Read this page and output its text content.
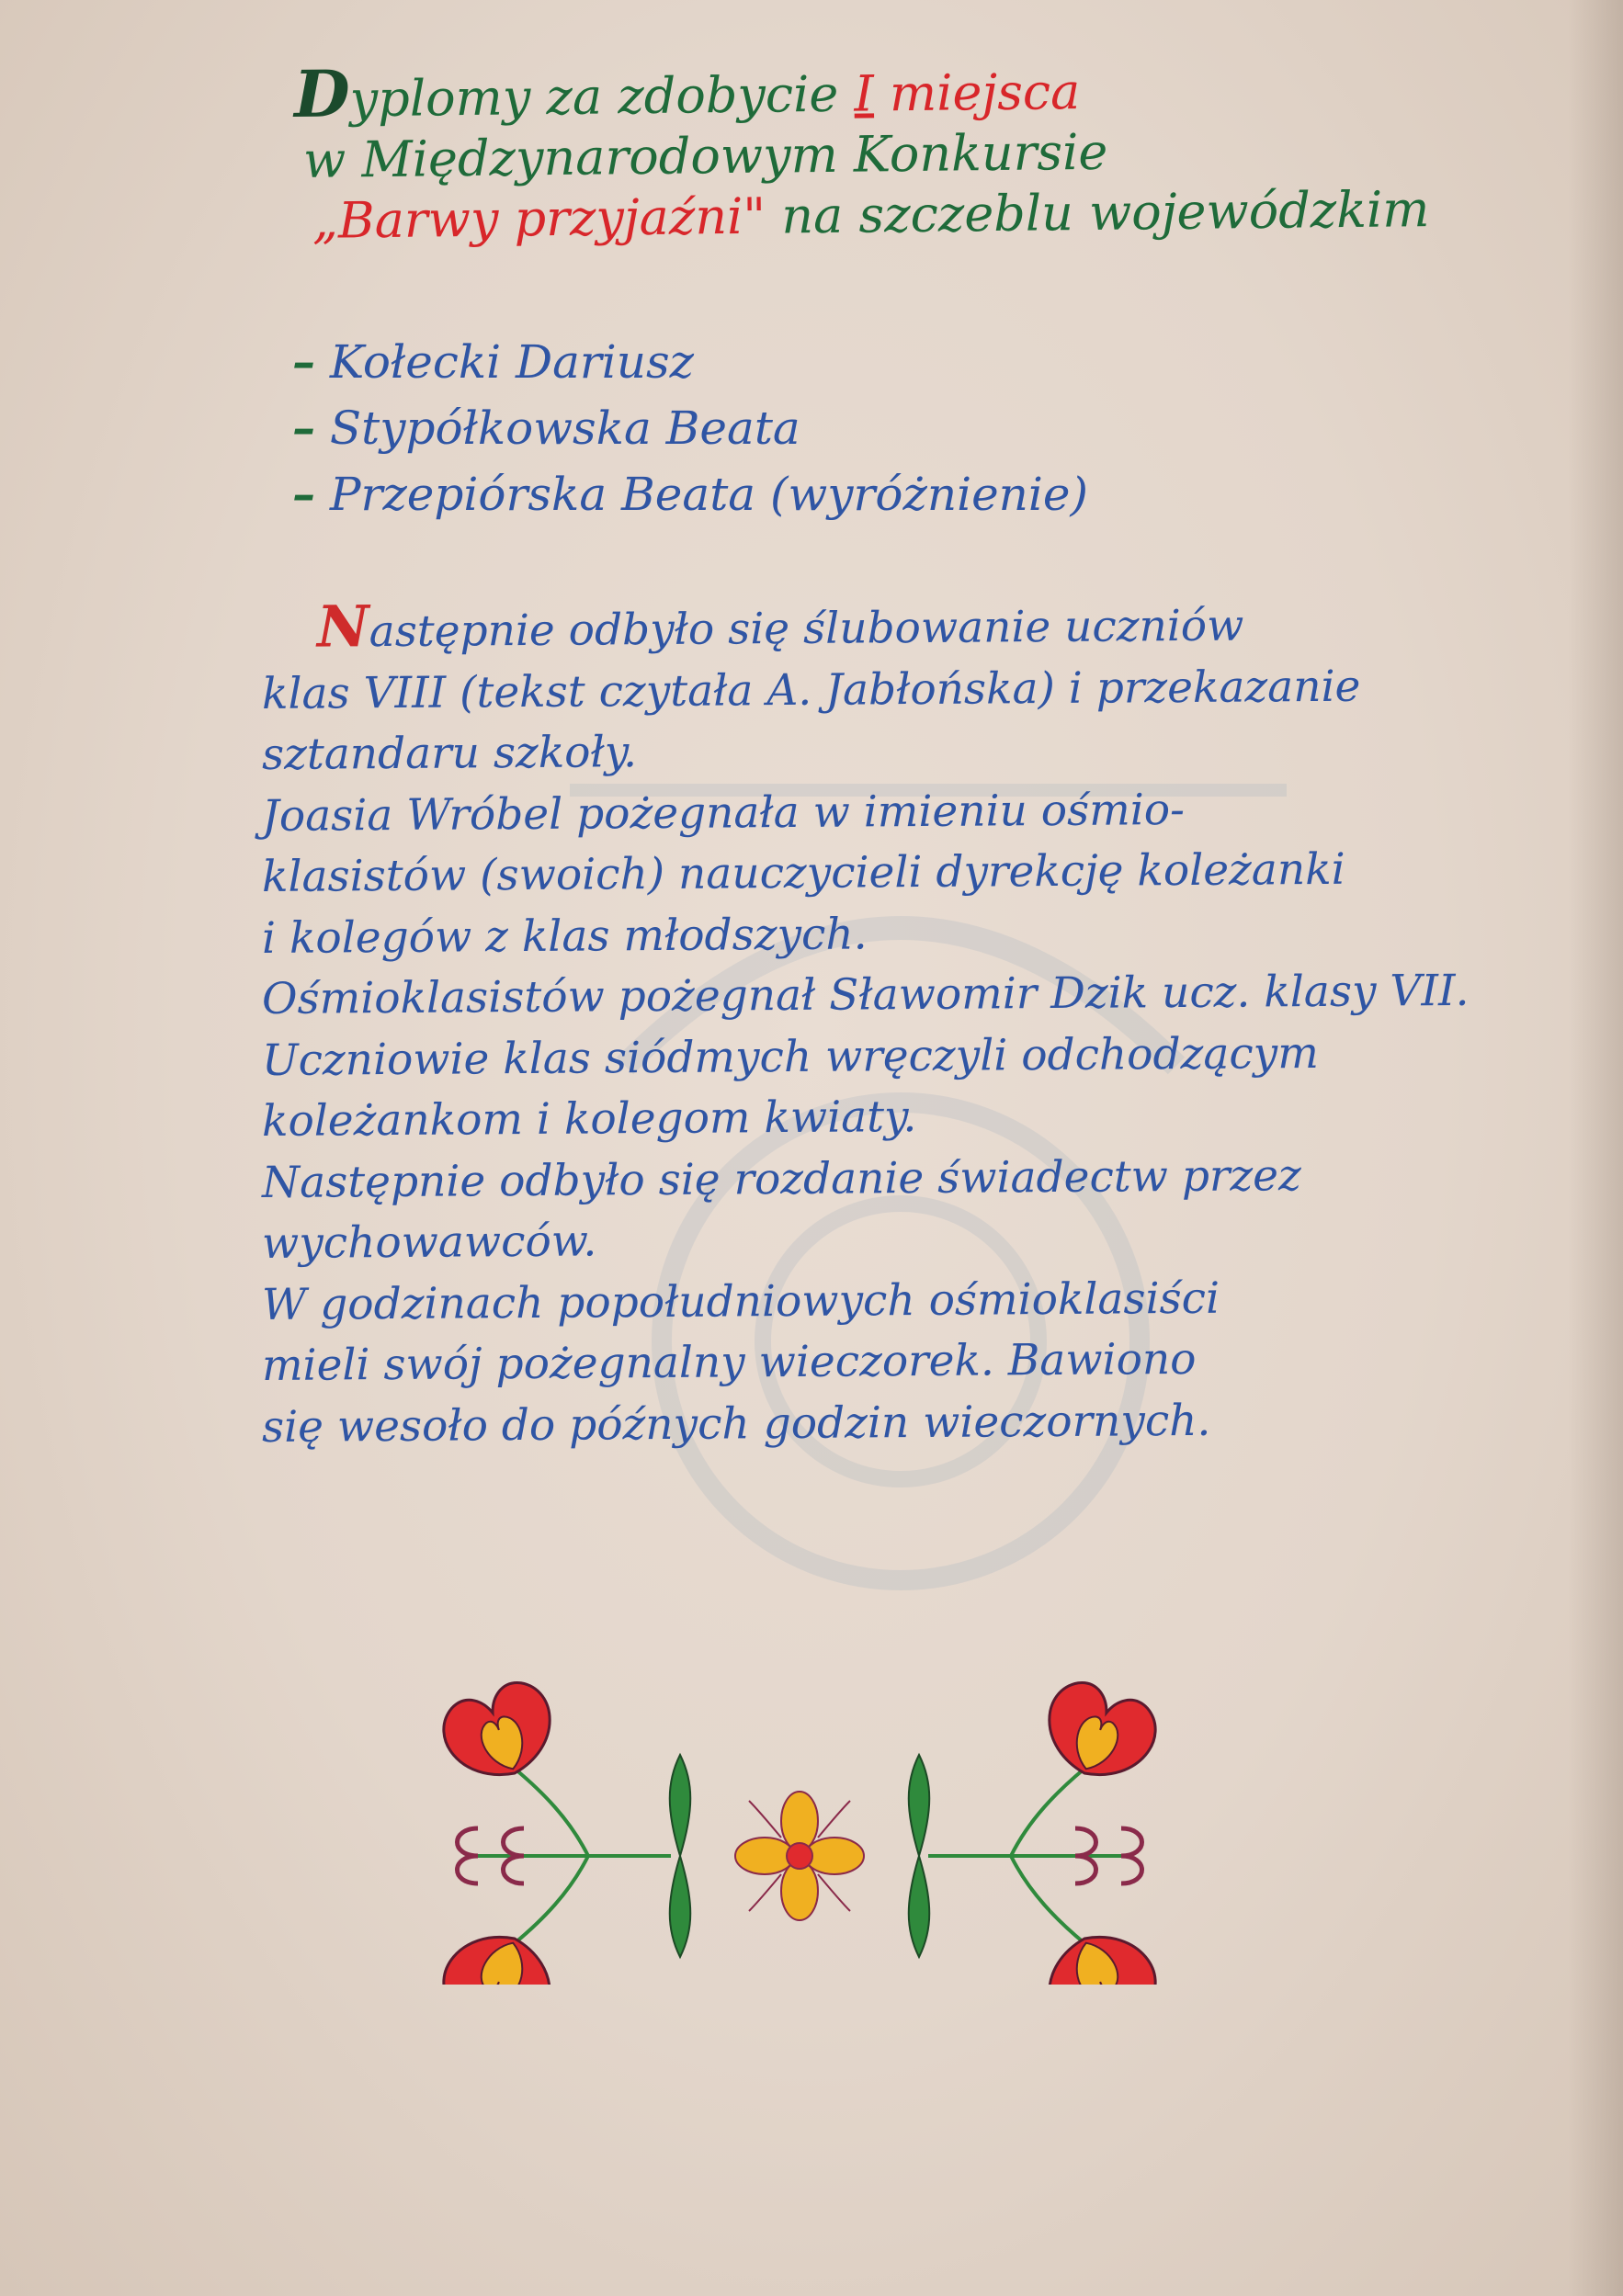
Dyplomy za zdobycie I miejsca
w Międzynarodowym Konkursie
„Barwy przyjaźni" na szczeblu wojewódzkim
– Kołecki Dariusz
– Stypółkowska Beata
– Przepiórska Beata (wyróżnienie)
Następnie odbyło się ślubowanie uczniów
klas VIII (tekst czytała A. Jabłońska) i przekazanie
sztandaru szkoły.
Joasia Wróbel pożegnała w imieniu ośmio-
klasistów (swoich) nauczycieli dyrekcję koleżanki
i kolegów z klas młodszych.
Ośmioklasistów pożegnał Sławomir Dzik ucz. klasy VII.
Uczniowie klas siódmych wręczyli odchodzącym
koleżankom i kolegom kwiaty.
Następnie odbyło się rozdanie świadectw przez
wychowawców.
W godzinach popołudniowych ośmioklasiści
mieli swój pożegnalny wieczorek. Bawiono
się wesoło do późnych godzin wieczornych.
